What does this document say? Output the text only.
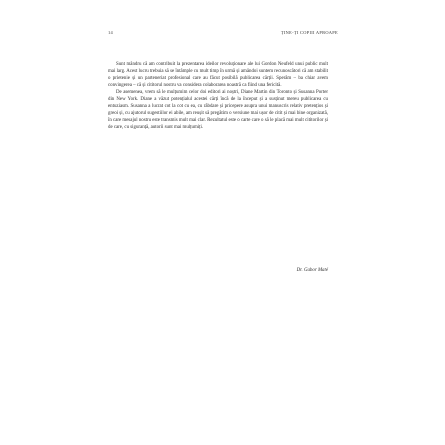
14	ȚINE-ȚI COPIII APROAPE

Sunt mândru că am contribuit la prezentarea ideilor revoluționare ale lui Gordon Neufeld unui public mult mai larg. Acest lucru trebuia să se întâmple cu mult timp în urmă și amândoi suntem recunoscători că am stabilit o prietenie și un parteneriat profesional care au făcut posibilă publicarea cărții. Sperăm – ba chiar avem convingerea – că și cititorul nostru va considera colaborarea noastră ca fiind una fericită.

De asemenea, vrem să le mulțumim celor doi editori ai noștri, Diane Martin din Toronto și Susanna Porter din New York. Diane a văzut potențialul acestei cărți încă de la început și a susținut mereu publicarea cu entuziasm. Susanna a lucrat cot la cot cu ea, cu răbdare și pricepere asupra unui manuscris relativ pretențios și greoi și, cu ajutorul sugestiilor ei abile, am reușit să pregătim o versiune mai ușor de citit și mai bine organizată, în care mesajul nostru este transmis mult mai clar. Rezultatul este o carte care o să le placă mai mult cititorilor și de care, cu siguranță, autorii sunt mai mulțumiți.

Dr. Gabor Maté
